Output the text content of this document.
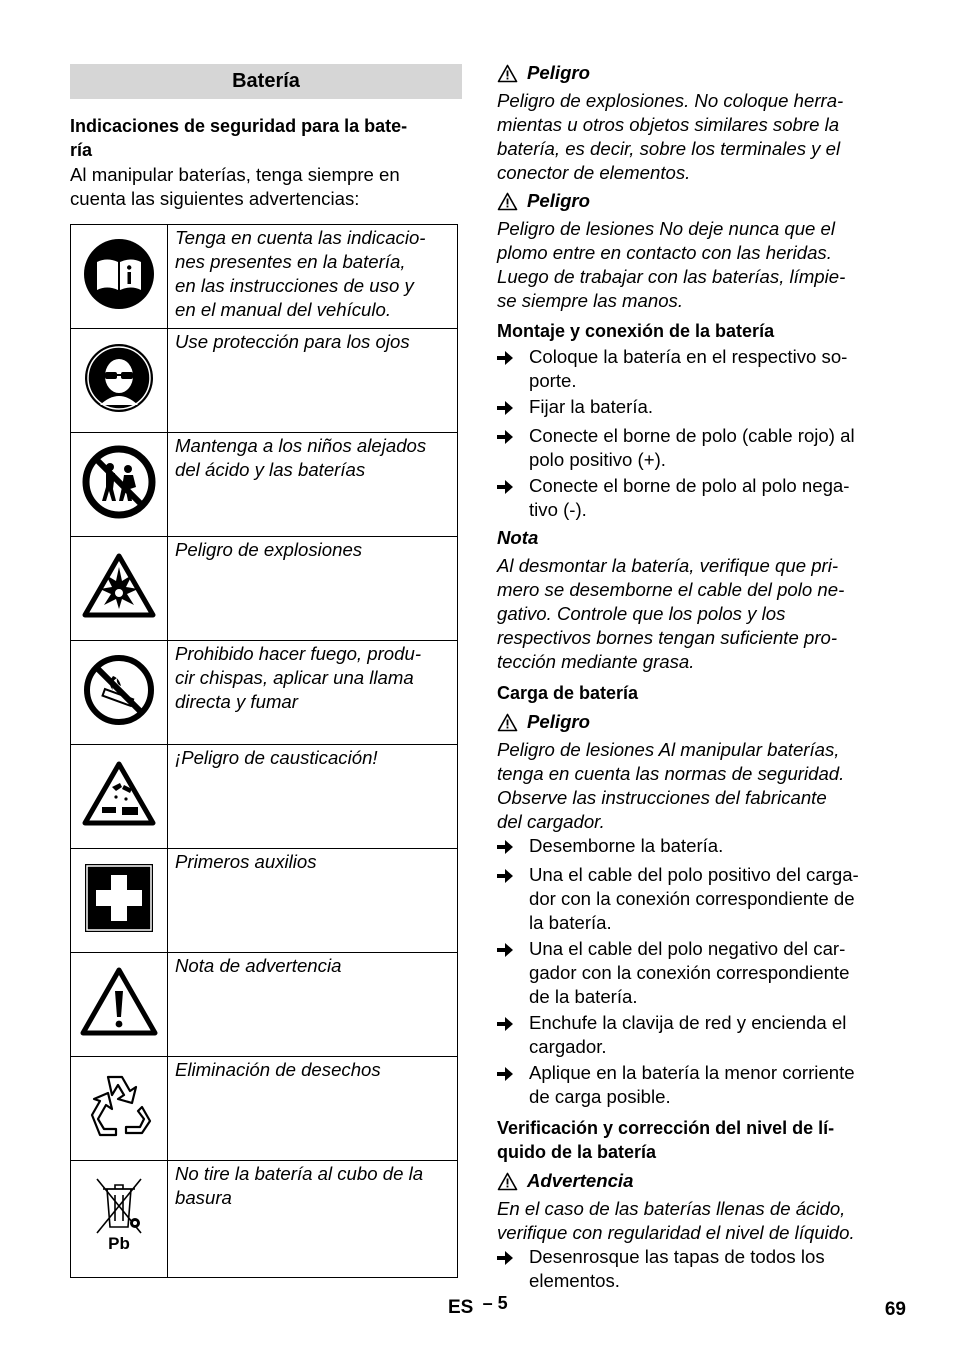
Batería
Indicaciones de seguridad para la bate-
ría
Al manipular baterías, tenga siempre en
cuenta las siguientes advertencias:

Tenga en cuenta las indicacio-
nes presentes en la batería,
en las instrucciones de uso y
en el manual del vehículo.

Use protección para los ojos

Mantenga a los niños alejados
del ácido y las baterías

Peligro de explosiones

Prohibido hacer fuego, produ-
cir chispas, aplicar una llama
directa y fumar

¡Peligro de causticación!

Primeros auxilios

Nota de advertencia

Eliminación de desechos

Pb	No tire la batería al cubo de la
basura
Peligro
Peligro de explosiones. No coloque herra-
mientas u otros objetos similares sobre la
batería, es decir, sobre los terminales y el
conector de elementos.
Peligro
Peligro de lesiones No deje nunca que el
plomo entre en contacto con las heridas.
Luego de trabajar con las baterías, límpie-
se siempre las manos.
Montaje y conexión de la batería
Coloque la batería en el respectivo so-
porte.
Fijar la batería.
Conecte el borne de polo (cable rojo) al
polo positivo (+).
Conecte el borne de polo al polo nega-
tivo (-).
Nota
Al desmontar la batería, verifique que pri-
mero se desemborne el cable del polo ne-
gativo. Controle que los polos y los
respectivos bornes tengan suficiente pro-
tección mediante grasa.
Carga de batería
Peligro
Peligro de lesiones Al manipular baterías,
tenga en cuenta las normas de seguridad.
Observe las instrucciones del fabricante
del cargador.
Desemborne la batería.
Una el cable del polo positivo del carga-
dor con la conexión correspondiente de
la batería.
Una el cable del polo negativo del car-
gador con la conexión correspondiente
de la batería.
Enchufe la clavija de red y encienda el
cargador.
Aplique en la batería la menor corriente
de carga posible.
Verificación y corrección del nivel de lí-
quido de la batería
Advertencia
En el caso de las baterías llenas de ácido,
verifique con regularidad el nivel de líquido.
Desenrosque las tapas de todos los
elementos.
ES – 5	69
